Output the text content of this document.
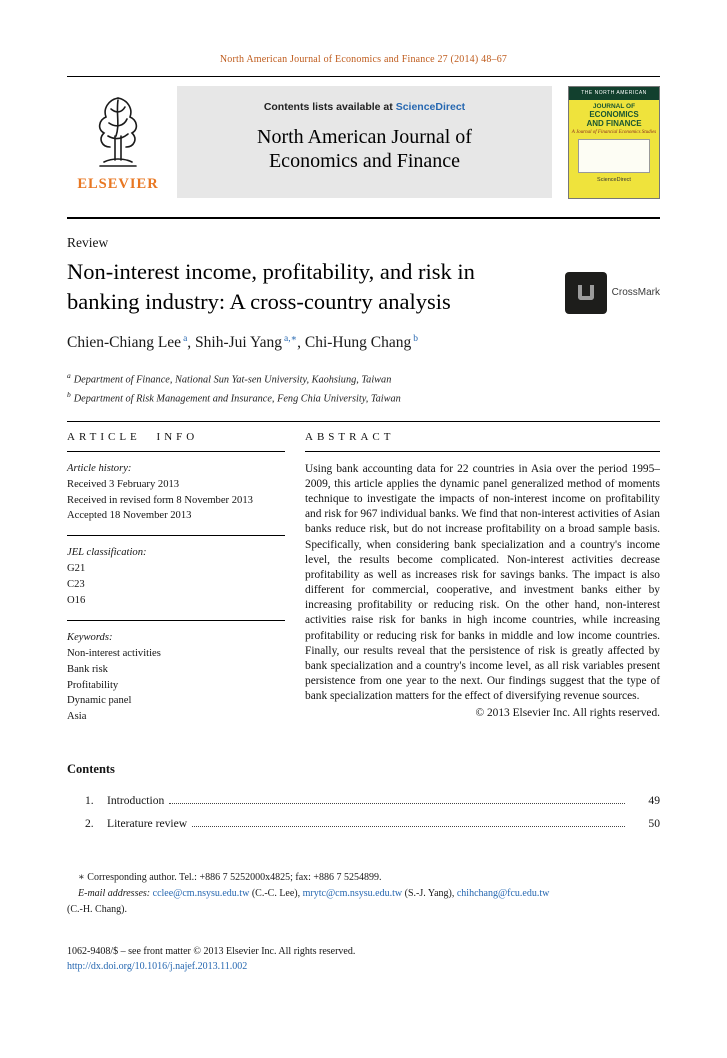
North American Journal of Economics and Finance 27 (2014) 48–67
ELSEVIER
Contents lists available at ScienceDirect
North American Journal of
Economics and Finance
THE NORTH AMERICAN
JOURNAL OF
ECONOMICS
AND FINANCE
A Journal of Financial Economics Studies
ScienceDirect
Review
Non-interest income, profitability, and risk in
banking industry: A cross-country analysis	CrossMark
Chien-Chiang Lee $^a$, Shih-Jui Yang $^{a,∗}$, Chi-Hung Chang $^b$
$^a$ Department of Finance, National Sun Yat-sen University, Kaohsiung, Taiwan
$^b$ Department of Risk Management and Insurance, Feng Chia University, Taiwan
ARTICLE INFO
Article history:
Received 3 February 2013
Received in revised form 8 November 2013
Accepted 18 November 2013
JEL classification:
G21
C23
O16
Keywords:
Non-interest activities
Bank risk
Profitability
Dynamic panel
Asia
ABSTRACT
Using bank accounting data for 22 countries in Asia over the period 1995–2009, this article applies the dynamic panel generalized method of moments technique to investigate the impacts of non-interest income on profitability and risk for 967 individual banks. We find that non-interest activities of Asian banks reduce risk, but do not increase profitability on a broad sample basis. Specifically, when considering bank specialization and a country's income level, the results become complicated. Non-interest activities decrease profitability as well as increases risk for savings banks. The impact is also different for commercial, cooperative, and investment banks either by increasing profitability or reducing risk. On the other hand, non-interest activities raise risk for banks in high income countries, while increasing profitability or reducing risk for banks in middle and low income countries. Finally, our results reveal that the persistence of risk is greatly affected by bank specialization and a country's income level, as all risk variables present persistence from one year to the next. Our findings suggest that the type of bank specialization matters for the effect of diversifying revenue sources.
© 2013 Elsevier Inc. All rights reserved.
Contents
1.	Introduction	49
2.	Literature review	50
∗ Corresponding author. Tel.: +886 7 5252000x4825; fax: +886 7 5254899.
E-mail addresses: cclee@cm.nsysu.edu.tw (C.-C. Lee), mrytc@cm.nsysu.edu.tw (S.-J. Yang), chihchang@fcu.edu.tw
(C.-H. Chang).
1062-9408/$ – see front matter © 2013 Elsevier Inc. All rights reserved.
http://dx.doi.org/10.1016/j.najef.2013.11.002
